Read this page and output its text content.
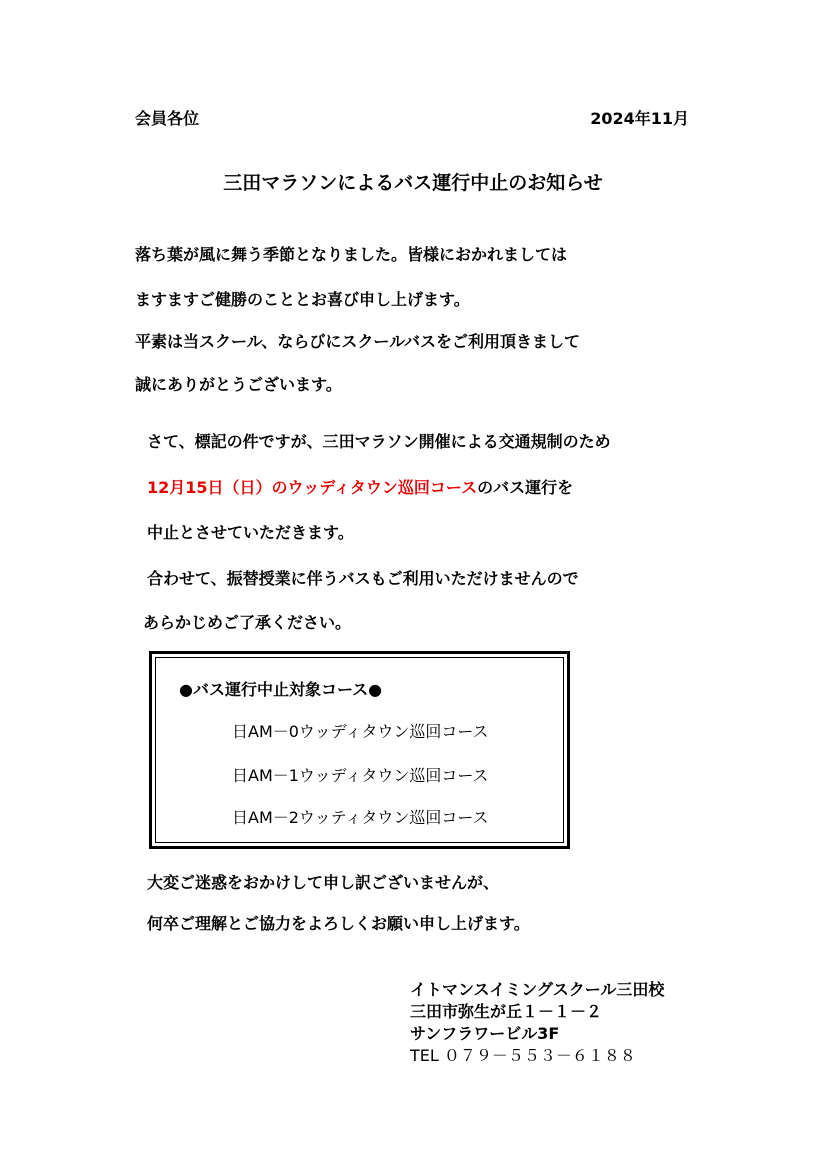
会員各位	2024年11月
三田マラソンによるバス運行中止のお知らせ
落ち葉が風に舞う季節となりました。皆様におかれましては
ますますご健勝のこととお喜び申し上げます。
平素は当スクール、ならびにスクールバスをご利用頂きまして
誠にありがとうございます。
さて、標記の件ですが、三田マラソン開催による交通規制のため
12月15日（日）のウッディタウン巡回コースのバス運行を
中止とさせていただきます。
合わせて、振替授業に伴うバスもご利用いただけませんので
あらかじめご了承ください。
●バス運行中止対象コース●
日AM－0ウッディタウン巡回コース
日AM－1ウッディタウン巡回コース
日AM－2ウッティタウン巡回コース
大変ご迷惑をおかけして申し訳ございませんが、
何卒ご理解とご協力をよろしくお願い申し上げます。
イトマンスイミングスクール三田校
三田市弥生が丘１－１－２
サンフラワービル3F
TEL ０７９－５５３－６１８８
